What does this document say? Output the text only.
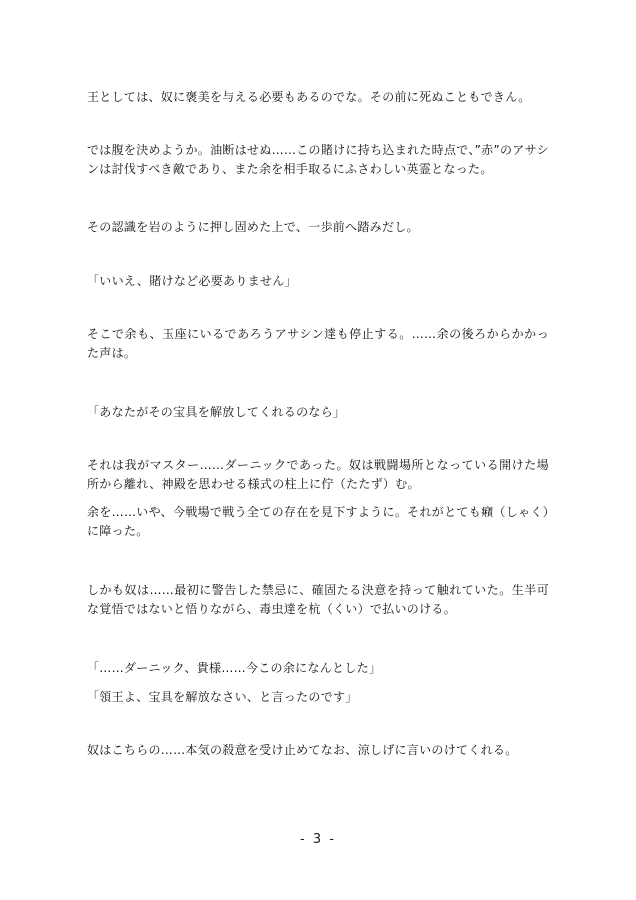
王としては、奴に褒美を与える必要もあるのでな。その前に死ぬこともできん。

では腹を決めようか。油断はせぬ……この賭けに持ち込まれた時点で、”赤”のアサシンは討伐すべき敵であり、また余を相手取るにふさわしい英霊となった。

その認識を岩のように押し固めた上で、一歩前へ踏みだし。

「いいえ、賭けなど必要ありません」

そこで余も、玉座にいるであろうアサシン達も停止する。……余の後ろからかかった声は。

「あなたがその宝具を解放してくれるのなら」

それは我がマスター……ダーニックであった。奴は戦闘場所となっている開けた場所から離れ、神殿を思わせる様式の柱上に佇（たたず）む。

余を……いや、今戦場で戦う全ての存在を見下すように。それがとても癪（しゃく）に障った。

しかも奴は……最初に警告した禁忌に、確固たる決意を持って触れていた。生半可な覚悟ではないと悟りながら、毒虫達を杭（くい）で払いのける。

「……ダーニック、貴様……今この余になんとした」

「領王よ、宝具を解放なさい、と言ったのです」

奴はこちらの……本気の殺意を受け止めてなお、涼しげに言いのけてくれる。

- 3 -
